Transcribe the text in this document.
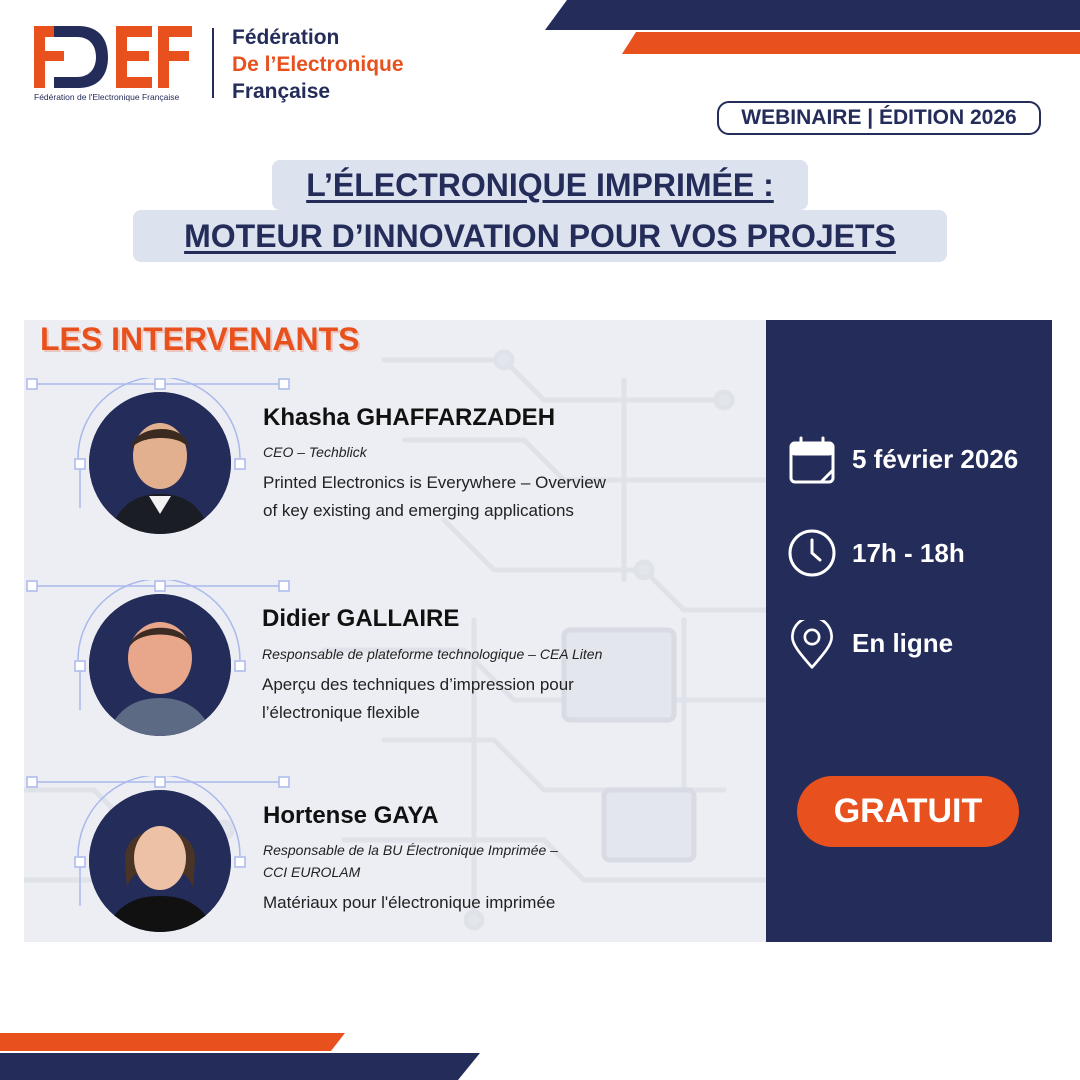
Fédération de l'Electronique Française
Fédération
De l’Electronique
Française
WEBINAIRE | ÉDITION 2026
L’ÉLECTRONIQUE IMPRIMÉE :
MOTEUR D’INNOVATION POUR VOS PROJETS
LES INTERVENANTS
Khasha GHAFFARZADEH
CEO – Techblick
Printed Electronics is Everywhere – Overview
of key existing and emerging applications
Didier GALLAIRE
Responsable de plateforme technologique – CEA Liten
Aperçu des techniques d’impression pour
l’électronique flexible
Hortense GAYA
Responsable de la BU Électronique Imprimée –
CCI EUROLAM
Matériaux pour l'électronique imprimée
5 février 2026
17h - 18h
En ligne
GRATUIT
